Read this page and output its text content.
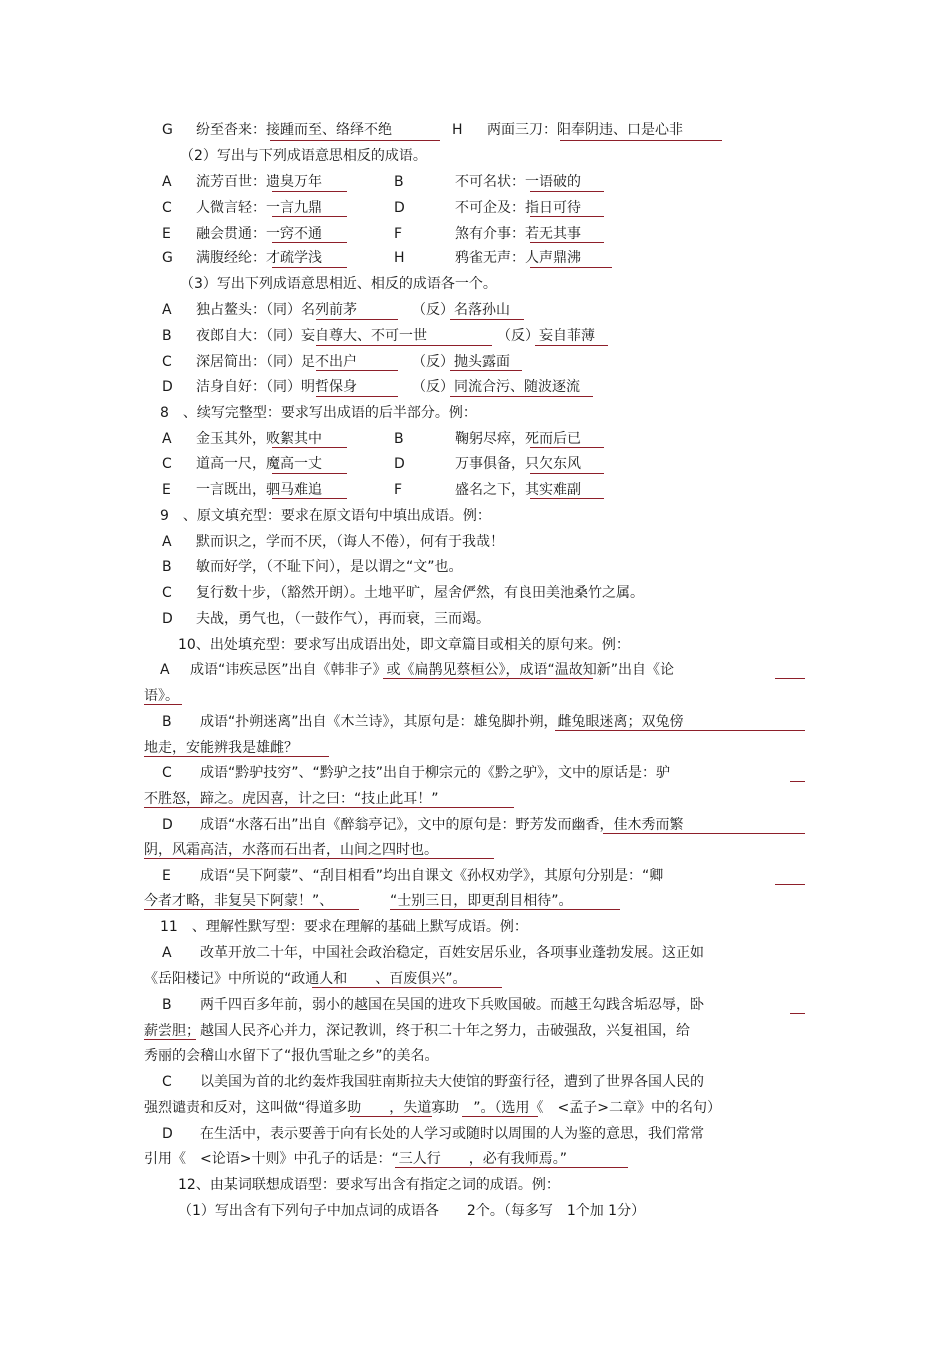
G 纷至沓来：接踵而至、络绎不绝	H 两面三刀：阳奉阴违、口是心非
（2）写出与下列成语意思相反的成语。
A 流芳百世：遗臭万年	B	不可名状：一语破的
C 人微言轻：一言九鼎	D	不可企及：指日可待
E 融会贯通：一窍不通	F	煞有介事：若无其事
G 满腹经纶：才疏学浅	H	鸦雀无声：人声鼎沸
（3）写出下列成语意思相近、相反的成语各一个。
A 独占鳌头：（同）名列前茅	（反）名落孙山
B 夜郎自大：（同）妄自尊大、不可一世	（反）妄自菲薄
C 深居简出：（同）足不出户	（反）抛头露面
D 洁身自好：（同）明哲保身	（反）同流合污、随波逐流
8　、续写完整型：要求写出成语的后半部分。例：
A 金玉其外，败絮其中	B	鞠躬尽瘁，死而后已
C 道高一尺，魔高一丈	D	万事俱备，只欠东风
E 一言既出，驷马难追	F	盛名之下，其实难副
9　、原文填充型：要求在原文语句中填出成语。例：
A 默而识之，学而不厌，（诲人不倦），何有于我哉！
B 敏而好学，（不耻下问），是以谓之“文”也。
C 复行数十步，（豁然开朗）。土地平旷，屋舍俨然，有良田美池桑竹之属。
D 夫战，勇气也，（一鼓作气），再而衰，三而竭。
10、出处填充型：要求写出成语出处，即文章篇目或相关的原句来。例：
A 成语“讳疾忌医”出自《韩非子》或《扁鹊见蔡桓公》，成语“温故知新”出自《论
语》。
B 成语“扑朔迷离”出自《木兰诗》，其原句是：雄兔脚扑朔，雌兔眼迷离；双兔傍
地走，安能辨我是雄雌？
C 成语“黔驴技穷”、“黔驴之技”出自于柳宗元的《黔之驴》，文中的原话是：驴
不胜怒，蹄之。虎因喜，计之曰：“技止此耳！”
D 成语“水落石出”出自《醉翁亭记》，文中的原句是：野芳发而幽香，佳木秀而繁
阴，风霜高洁，水落而石出者，山间之四时也。
E 成语“吴下阿蒙”、“刮目相看”均出自课文《孙权劝学》，其原句分别是：“卿
今者才略，非复吴下阿蒙！”、	“士别三日，即更刮目相待”。
11　、理解性默写型：要求在理解的基础上默写成语。例：
A 改革开放二十年，中国社会政治稳定，百姓安居乐业，各项事业蓬勃发展。这正如
《岳阳楼记》中所说的“政通人和　　、百废俱兴”。
B 两千四百多年前，弱小的越国在吴国的进攻下兵败国破。而越王勾践含垢忍辱，卧
薪尝胆；越国人民齐心并力，深记教训，终于积二十年之努力，击破强敌，兴复祖国，给
秀丽的会稽山水留下了“报仇雪耻之乡”的美名。
C 以美国为首的北约轰炸我国驻南斯拉夫大使馆的野蛮行径，遭到了世界各国人民的
强烈谴责和反对，这叫做“得道多助　　，失道寡助　”。（选用《　<孟子>二章》中的名句）
D 在生活中，表示要善于向有长处的人学习或随时以周围的人为鉴的意思，我们常常
引用《　<论语>十则》中孔子的话是：“三人行　　，必有我师焉。”
12、由某词联想成语型：要求写出含有指定之词的成语。例：
（1）写出含有下列句子中加点词的成语各　　2个。（每多写　1个加 1分）
